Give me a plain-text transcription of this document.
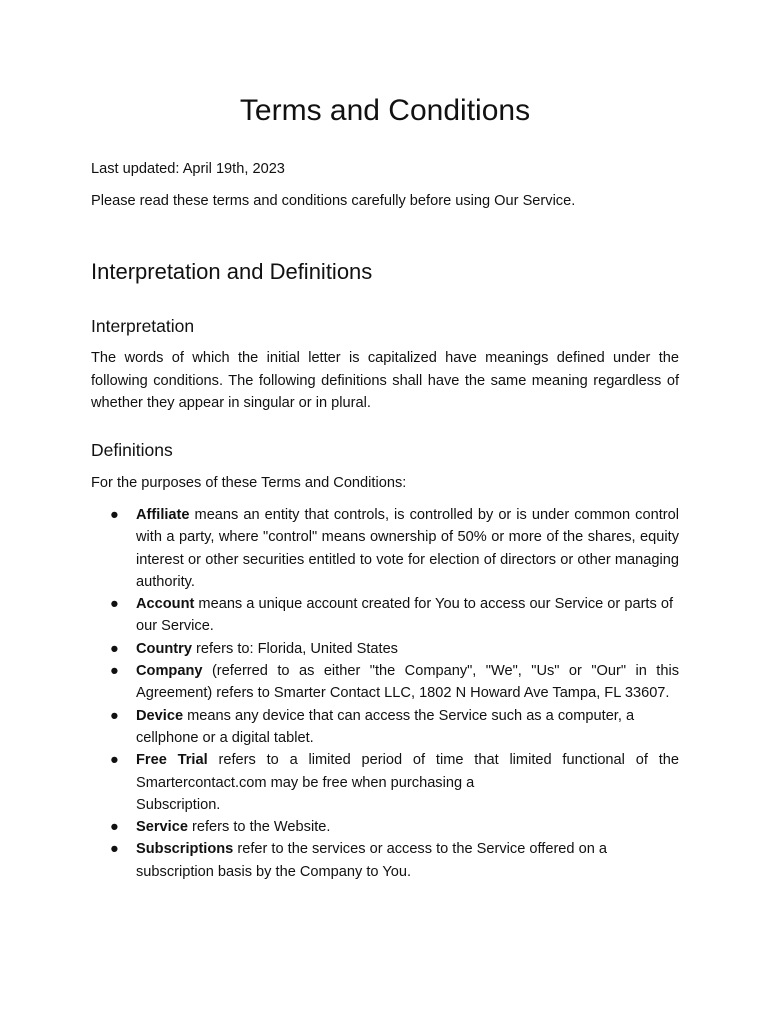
Terms and Conditions

Last updated: April 19th, 2023

Please read these terms and conditions carefully before using Our Service.

Interpretation and Definitions
Interpretation

The words of which the initial letter is capitalized have meanings defined under the following conditions. The following definitions shall have the same meaning regardless of whether they appear in singular or in plural.

Definitions

For the purposes of these Terms and Conditions:

● Affiliate means an entity that controls, is controlled by or is under common control with a party, where "control" means ownership of 50% or more of the shares, equity interest or other securities entitled to vote for election of directors or other managing authority.
● Account means a unique account created for You to access our Service or parts of our Service.
● Country refers to: Florida, United States
● Company (referred to as either "the Company", "We", "Us" or "Our" in this Agreement) refers to Smarter Contact LLC, 1802 N Howard Ave Tampa, FL 33607.
● Device means any device that can access the Service such as a computer, a cellphone or a digital tablet.
● Free Trial refers to a limited period of time that limited functional of the Smartercontact.com may be free when purchasing a
Subscription.
● Service refers to the Website.
● Subscriptions refer to the services or access to the Service offered on a subscription basis by the Company to You.
